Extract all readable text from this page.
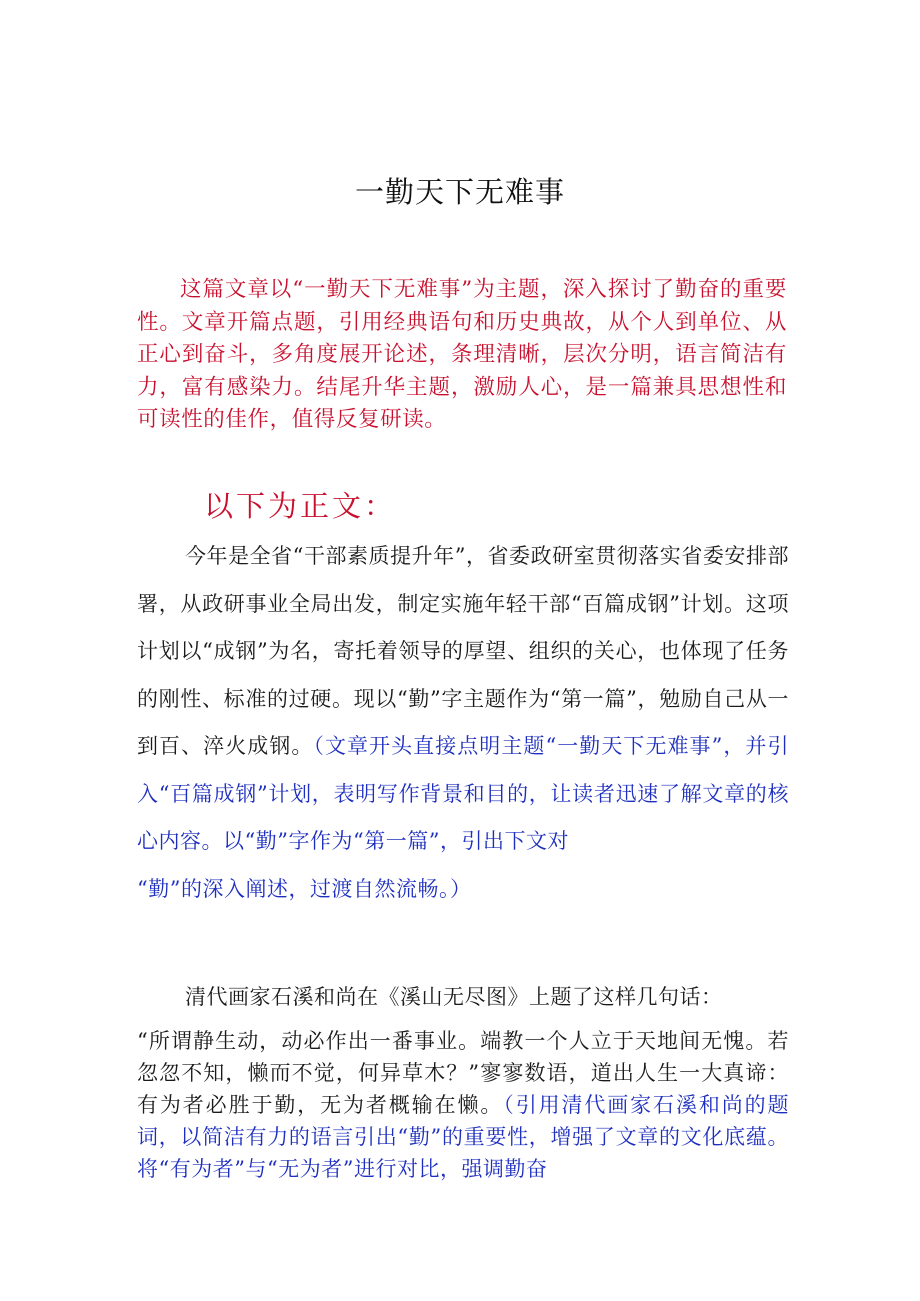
一勤天下无难事
这篇文章以“一勤天下无难事”为主题，深入探讨了勤奋的重要性。文章开篇点题，引用经典语句和历史典故，从个人到单位、从正心到奋斗，多角度展开论述，条理清晰，层次分明，语言简洁有力，富有感染力。结尾升华主题，激励人心，是一篇兼具思想性和可读性的佳作，值得反复研读。
以下为正文：
今年是全省“干部素质提升年”，省委政研室贯彻落实省委安排部署，从政研事业全局出发，制定实施年轻干部“百篇成钢”计划。这项计划以“成钢”为名，寄托着领导的厚望、组织的关心，也体现了任务的刚性、标准的过硬。现以“勤”字主题作为“第一篇”，勉励自己从一到百、淬火成钢。（文章开头直接点明主题“一勤天下无难事”，并引入“百篇成钢”计划，表明写作背景和目的，让读者迅速了解文章的核心内容。以“勤”字作为“第一篇”，引出下文对
“勤”的深入阐述，过渡自然流畅。）
清代画家石溪和尚在《溪山无尽图》上题了这样几句话：
“所谓静生动，动必作出一番事业。端教一个人立于天地间无愧。若忽忽不知，懒而不觉，何异草木？”寥寥数语，道出人生一大真谛：有为者必胜于勤，无为者概输在懒。（引用清代画家石溪和尚的题词，以简洁有力的语言引出“勤”的重要性，增强了文章的文化底蕴。将“有为者”与“无为者”进行对比，强调勤奋
